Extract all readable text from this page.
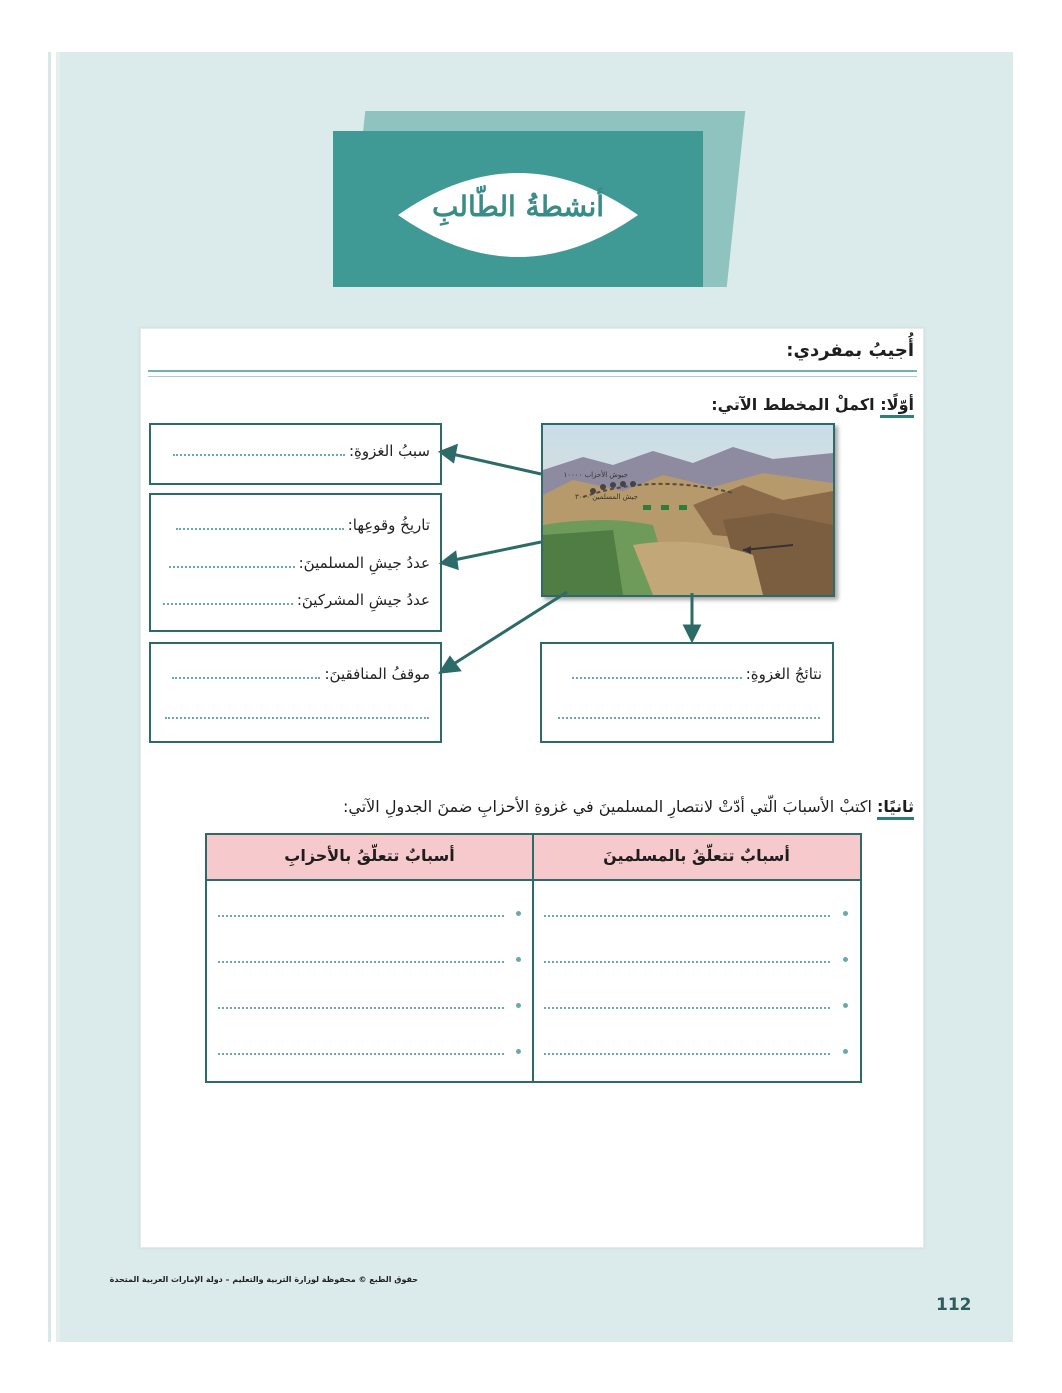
أنشطةُ الطّالبِ
أُجيبُ بمفردي:
أوّلًا: اكملْ المخطط الآتي:
سببُ الغزوةِ:
تاريخُ وقوعِها:
عددُ جيشِ المسلمينَ:
عددُ جيشِ المشركينَ:
موقفُ المنافقينَ:	نتائجُ الغزوةِ:
جيوش الأحزاب ١٠٠٠٠
جيش المسلمين ٣٠٠٠
ثانيًا: اكتبْ الأسبابَ الّتي أدّتْ لانتصارِ المسلمينَ في غزوةِ الأحزابِ ضمنَ الجدولِ الآتي:
أسبابٌ تتعلّقُ بالمسلمينَ
أسبابٌ تتعلّقُ بالأحزابِ
حقوق الطبع © محفوظة لوزارة التربية والتعليم – دولة الإمارات العربية المتحدة
112
